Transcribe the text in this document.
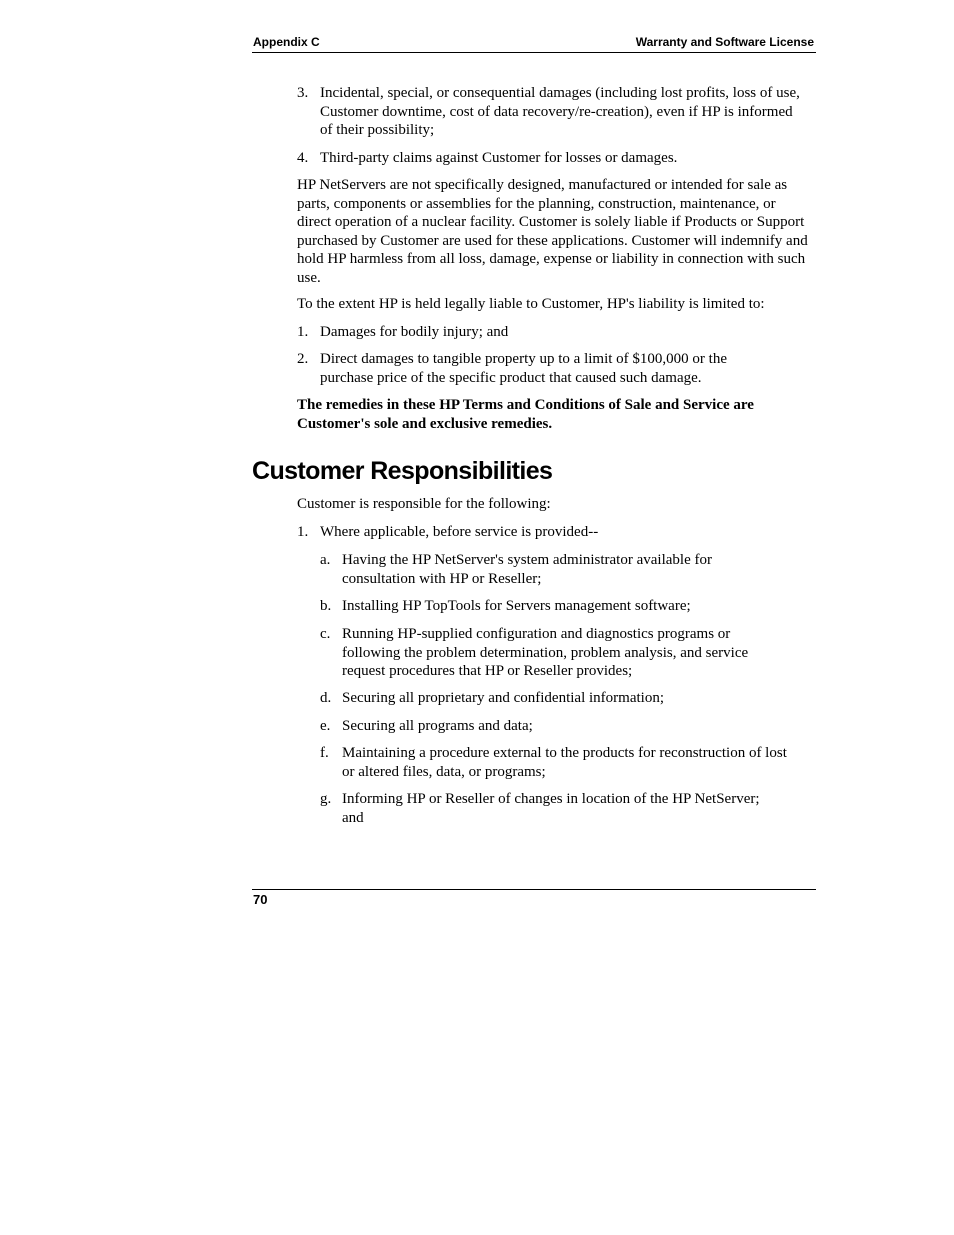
Appendix C	Warranty and Software License
3. Incidental, special, or consequential damages (including lost profits, loss of use, Customer downtime, cost of data recovery/re-creation), even if HP is informed of their possibility;
4. Third-party claims against Customer for losses or damages.
HP NetServers are not specifically designed, manufactured or intended for sale as parts, components or assemblies for the planning, construction, maintenance, or direct operation of a nuclear facility. Customer is solely liable if Products or Support purchased by Customer are used for these applications. Customer will indemnify and hold HP harmless from all loss, damage, expense or liability in connection with such use.
To the extent HP is held legally liable to Customer, HP's liability is limited to:
1. Damages for bodily injury; and
2. Direct damages to tangible property up to a limit of $100,000 or the purchase price of the specific product that caused such damage.
The remedies in these HP Terms and Conditions of Sale and Service are Customer's sole and exclusive remedies.
Customer Responsibilities
Customer is responsible for the following:
1. Where applicable, before service is provided--
a. Having the HP NetServer's system administrator available for consultation with HP or Reseller;
b. Installing HP TopTools for Servers management software;
c. Running HP-supplied configuration and diagnostics programs or following the problem determination, problem analysis, and service request procedures that HP or Reseller provides;
d. Securing all proprietary and confidential information;
e. Securing all programs and data;
f. Maintaining a procedure external to the products for reconstruction of lost or altered files, data, or programs;
g. Informing HP or Reseller of changes in location of the HP NetServer; and
70
